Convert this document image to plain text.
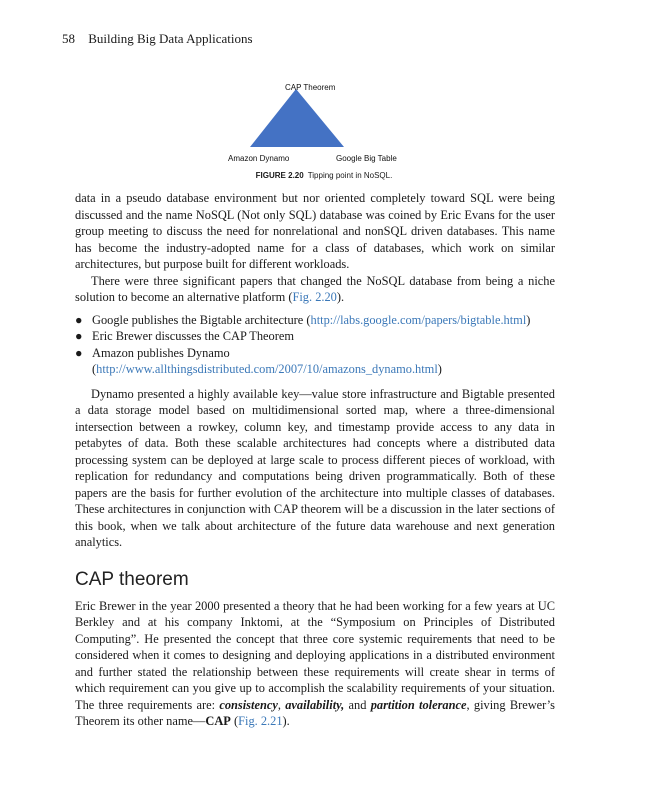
58 Building Big Data Applications
CAP Theorem
Amazon Dynamo	Google Big Table
FIGURE 2.20 Tipping point in NoSQL.

data in a pseudo database environment but nor oriented completely toward SQL were being discussed and the name NoSQL (Not only SQL) database was coined by Eric Evans for the user group meeting to discuss the need for nonrelational and nonSQL driven databases. This name has become the industry-adopted name for a class of databases, which work on similar architectures, but purpose built for different workloads.

There were three significant papers that changed the NoSQL database from being a niche solution to become an alternative platform (Fig. 2.20).

● Google publishes the Bigtable architecture (http://labs.google.com/papers/bigtable.html)
● Eric Brewer discusses the CAP Theorem
● Amazon publishes Dynamo (http://www.allthingsdistributed.com/2007/10/amazons_dynamo.html)

Dynamo presented a highly available key—value store infrastructure and Bigtable presented a data storage model based on multidimensional sorted map, where a three-dimensional intersection between a rowkey, column key, and timestamp provide access to any data in petabytes of data. Both these scalable architectures had concepts where a distributed data processing system can be deployed at large scale to process different pieces of workload, with replication for redundancy and computations being driven programmatically. Both of these papers are the basis for further evolution of the architecture into multiple classes of databases. These architectures in conjunction with CAP theorem will be a discussion in the later sections of this book, when we talk about architecture of the future data warehouse and next generation analytics.

CAP theorem

Eric Brewer in the year 2000 presented a theory that he had been working for a few years at UC Berkley and at his company Inktomi, at the “Symposium on Principles of Distributed Computing”. He presented the concept that three core systemic requirements that need to be considered when it comes to designing and deploying applications in a distributed environment and further stated the relationship between these requirements will create shear in terms of which requirement can you give up to accomplish the scalability requirements of your situation. The three requirements are: consistency, availability, and partition tolerance, giving Brewer’s Theorem its other name—CAP (Fig. 2.21).
